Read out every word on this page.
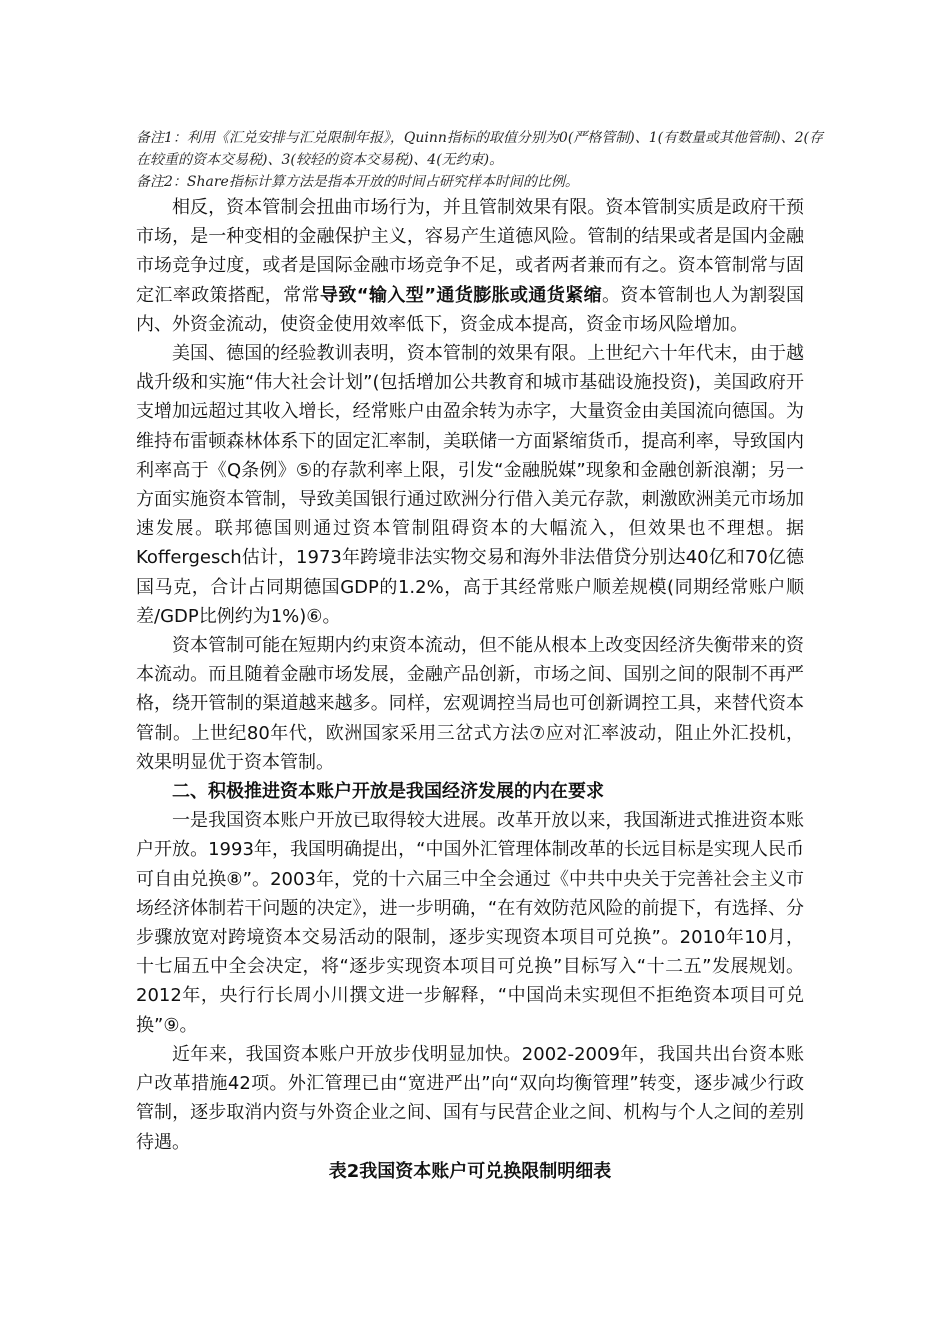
备注1：利用《汇兑安排与汇兑限制年报》，Quinn指标的取值分别为0(严格管制)、1(有数量或其他管制)、2(存在较重的资本交易税)、3(较轻的资本交易税)、4(无约束)。

备注2：Share指标计算方法是指本开放的时间占研究样本时间的比例。

相反，资本管制会扭曲市场行为，并且管制效果有限。资本管制实质是政府干预市场，是一种变相的金融保护主义，容易产生道德风险。管制的结果或者是国内金融市场竞争过度，或者是国际金融市场竞争不足，或者两者兼而有之。资本管制常与固定汇率政策搭配，常常导致“输入型”通货膨胀或通货紧缩。资本管制也人为割裂国内、外资金流动，使资金使用效率低下，资金成本提高，资金市场风险增加。

美国、德国的经验教训表明，资本管制的效果有限。上世纪六十年代末，由于越战升级和实施“伟大社会计划”(包括增加公共教育和城市基础设施投资)，美国政府开支增加远超过其收入增长，经常账户由盈余转为赤字，大量资金由美国流向德国。为维持布雷顿森林体系下的固定汇率制，美联储一方面紧缩货币，提高利率，导致国内利率高于《Q条例》⑤的存款利率上限，引发“金融脱媒”现象和金融创新浪潮；另一方面实施资本管制，导致美国银行通过欧洲分行借入美元存款，刺激欧洲美元市场加速发展。联邦德国则通过资本管制阻碍资本的大幅流入，但效果也不理想。据Koffergesch估计，1973年跨境非法实物交易和海外非法借贷分别达40亿和70亿德国马克，合计占同期德国GDP的1.2%，高于其经常账户顺差规模(同期经常账户顺差/GDP比例约为1%)⑥。

资本管制可能在短期内约束资本流动，但不能从根本上改变因经济失衡带来的资本流动。而且随着金融市场发展，金融产品创新，市场之间、国别之间的限制不再严格，绕开管制的渠道越来越多。同样，宏观调控当局也可创新调控工具，来替代资本管制。上世纪80年代，欧洲国家采用三岔式方法⑦应对汇率波动，阻止外汇投机，效果明显优于资本管制。

二、积极推进资本账户开放是我国经济发展的内在要求

一是我国资本账户开放已取得较大进展。改革开放以来，我国渐进式推进资本账户开放。1993年，我国明确提出，“中国外汇管理体制改革的长远目标是实现人民币可自由兑换⑧”。2003年，党的十六届三中全会通过《中共中央关于完善社会主义市场经济体制若干问题的决定》，进一步明确，“在有效防范风险的前提下，有选择、分步骤放宽对跨境资本交易活动的限制，逐步实现资本项目可兑换”。2010年10月，十七届五中全会决定，将“逐步实现资本项目可兑换”目标写入“十二五”发展规划。2012年，央行行长周小川撰文进一步解释，“中国尚未实现但不拒绝资本项目可兑换”⑨。

近年来，我国资本账户开放步伐明显加快。2002-2009年，我国共出台资本账户改革措施42项。外汇管理已由“宽进严出”向“双向均衡管理”转变，逐步减少行政管制，逐步取消内资与外资企业之间、国有与民营企业之间、机构与个人之间的差别待遇。

表2我国资本账户可兑换限制明细表
